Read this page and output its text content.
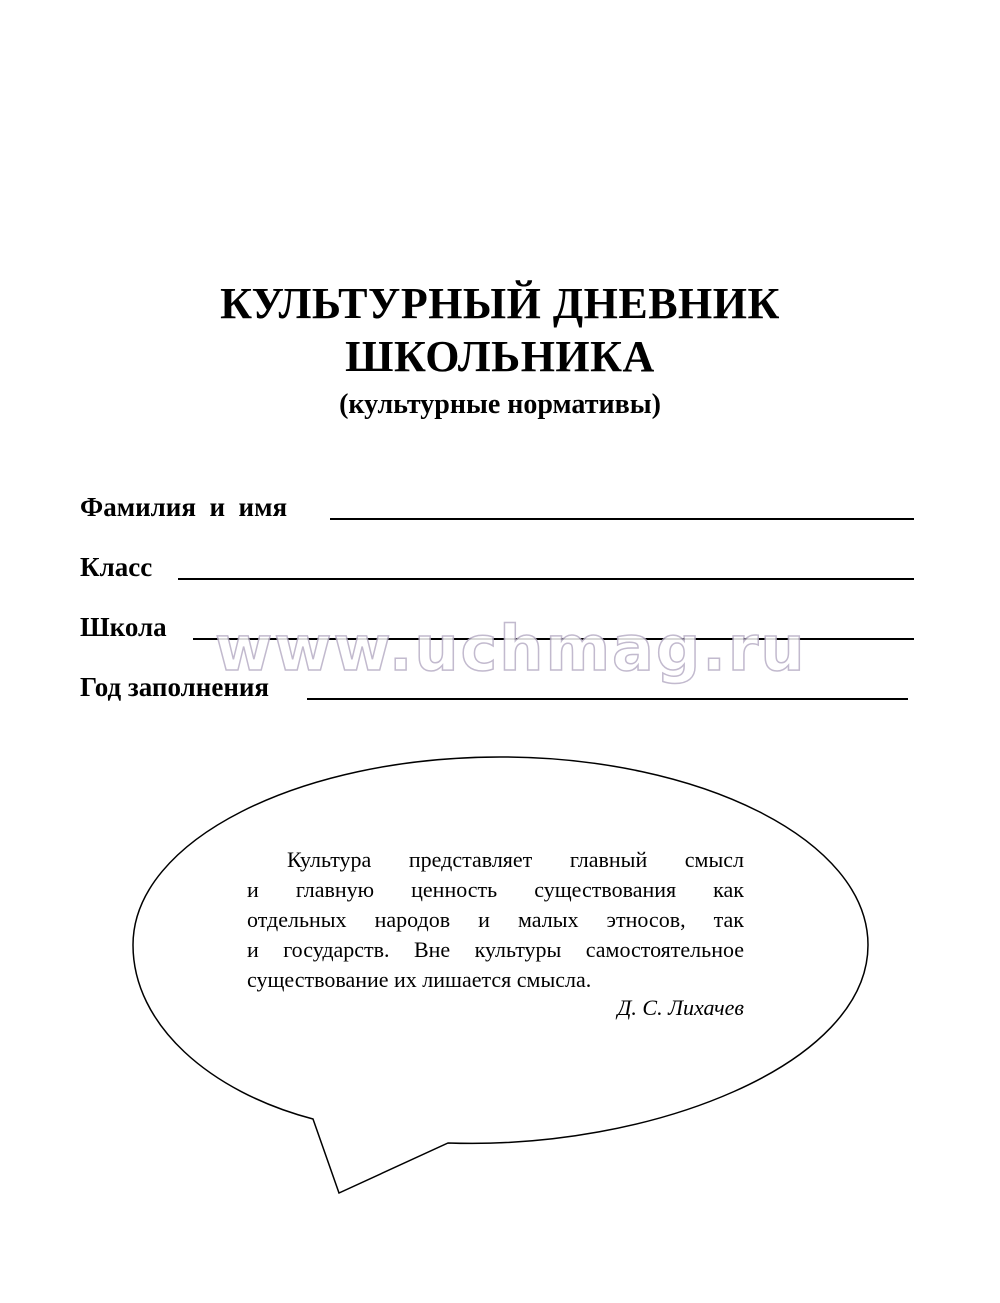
КУЛЬТУРНЫЙ ДНЕВНИК
ШКОЛЬНИКА
(культурные нормативы)
Фамилия  и  имя
Класс
Школа
Год заполнения
www.uchmag.ru
Культура представляет главный смысл
и главную ценность существования как
отдельных народов и малых этносов, так
и государств. Вне культуры самостоятельное
существование их лишается смысла.
Д. С. Лихачев
